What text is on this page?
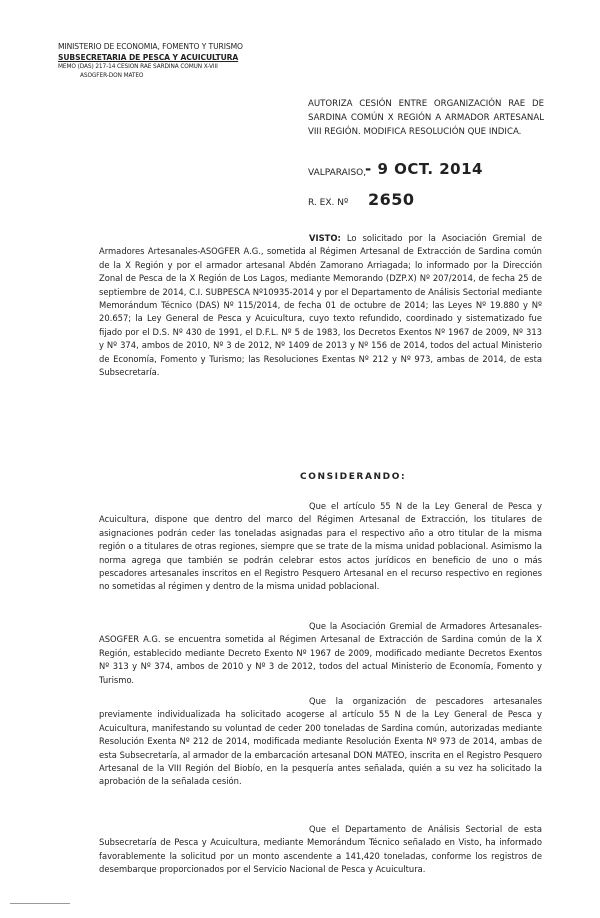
MINISTERIO DE ECONOMIA, FOMENTO Y TURISMO
SUBSECRETARIA DE PESCA Y ACUICULTURA
MEMO (DAS) 217-14 CESION RAE SARDINA COMUN X-VIII
ASOGFER-DON MATEO
AUTORIZA CESIÓN ENTRE ORGANIZACIÓN RAE DE SARDINA COMÚN X REGIÓN A ARMADOR ARTESANAL VIII REGIÓN. MODIFICA RESOLUCIÓN QUE INDICA.
VALPARAISO,
- 9 OCT. 2014
R. EX. Nº 2650
VISTO: Lo solicitado por la Asociación Gremial de Armadores Artesanales-ASOGFER A.G., sometida al Régimen Artesanal de Extracción de Sardina común de la X Región y por el armador artesanal Abdén Zamorano Arriagada; lo informado por la Dirección Zonal de Pesca de la X Región de Los Lagos, mediante Memorando (DZP.X) Nº 207/2014, de fecha 25 de septiembre de 2014, C.I. SUBPESCA Nº10935-2014 y por el Departamento de Análisis Sectorial mediante Memorándum Técnico (DAS) Nº 115/2014, de fecha 01 de octubre de 2014; las Leyes Nº 19.880 y Nº 20.657; la Ley General de Pesca y Acuicultura, cuyo texto refundido, coordinado y sistematizado fue fijado por el D.S. Nº 430 de 1991, el D.F.L. Nº 5 de 1983, los Decretos Exentos Nº 1967 de 2009, Nº 313 y Nº 374, ambos de 2010, Nº 3 de 2012, Nº 1409 de 2013 y Nº 156 de 2014, todos del actual Ministerio de Economía, Fomento y Turismo; las Resoluciones Exentas Nº 212 y Nº 973, ambas de 2014, de esta Subsecretaría.
CONSIDERANDO:
Que el artículo 55 N de la Ley General de Pesca y Acuicultura, dispone que dentro del marco del Régimen Artesanal de Extracción, los titulares de asignaciones podrán ceder las toneladas asignadas para el respectivo año a otro titular de la misma región o a titulares de otras regiones, siempre que se trate de la misma unidad poblacional. Asimismo la norma agrega que también se podrán celebrar estos actos jurídicos en beneficio de uno o más pescadores artesanales inscritos en el Registro Pesquero Artesanal en el recurso respectivo en regiones no sometidas al régimen y dentro de la misma unidad poblacional.
Que la Asociación Gremial de Armadores Artesanales-ASOGFER A.G. se encuentra sometida al Régimen Artesanal de Extracción de Sardina común de la X Región, establecido mediante Decreto Exento Nº 1967 de 2009, modificado mediante Decretos Exentos Nº 313 y Nº 374, ambos de 2010 y Nº 3 de 2012, todos del actual Ministerio de Economía, Fomento y Turismo.
Que la organización de pescadores artesanales previamente individualizada ha solicitado acogerse al artículo 55 N de la Ley General de Pesca y Acuicultura, manifestando su voluntad de ceder 200 toneladas de Sardina común, autorizadas mediante Resolución Exenta Nº 212 de 2014, modificada mediante Resolución Exenta Nº 973 de 2014, ambas de esta Subsecretaría, al armador de la embarcación artesanal DON MATEO, inscrita en el Registro Pesquero Artesanal de la VIII Región del Biobío, en la pesquería antes señalada, quién a su vez ha solicitado la aprobación de la señalada cesión.
Que el Departamento de Análisis Sectorial de esta Subsecretaría de Pesca y Acuicultura, mediante Memorándum Técnico señalado en Visto, ha informado favorablemente la solicitud por un monto ascendente a 141,420 toneladas, conforme los registros de desembarque proporcionados por el Servicio Nacional de Pesca y Acuicultura.
